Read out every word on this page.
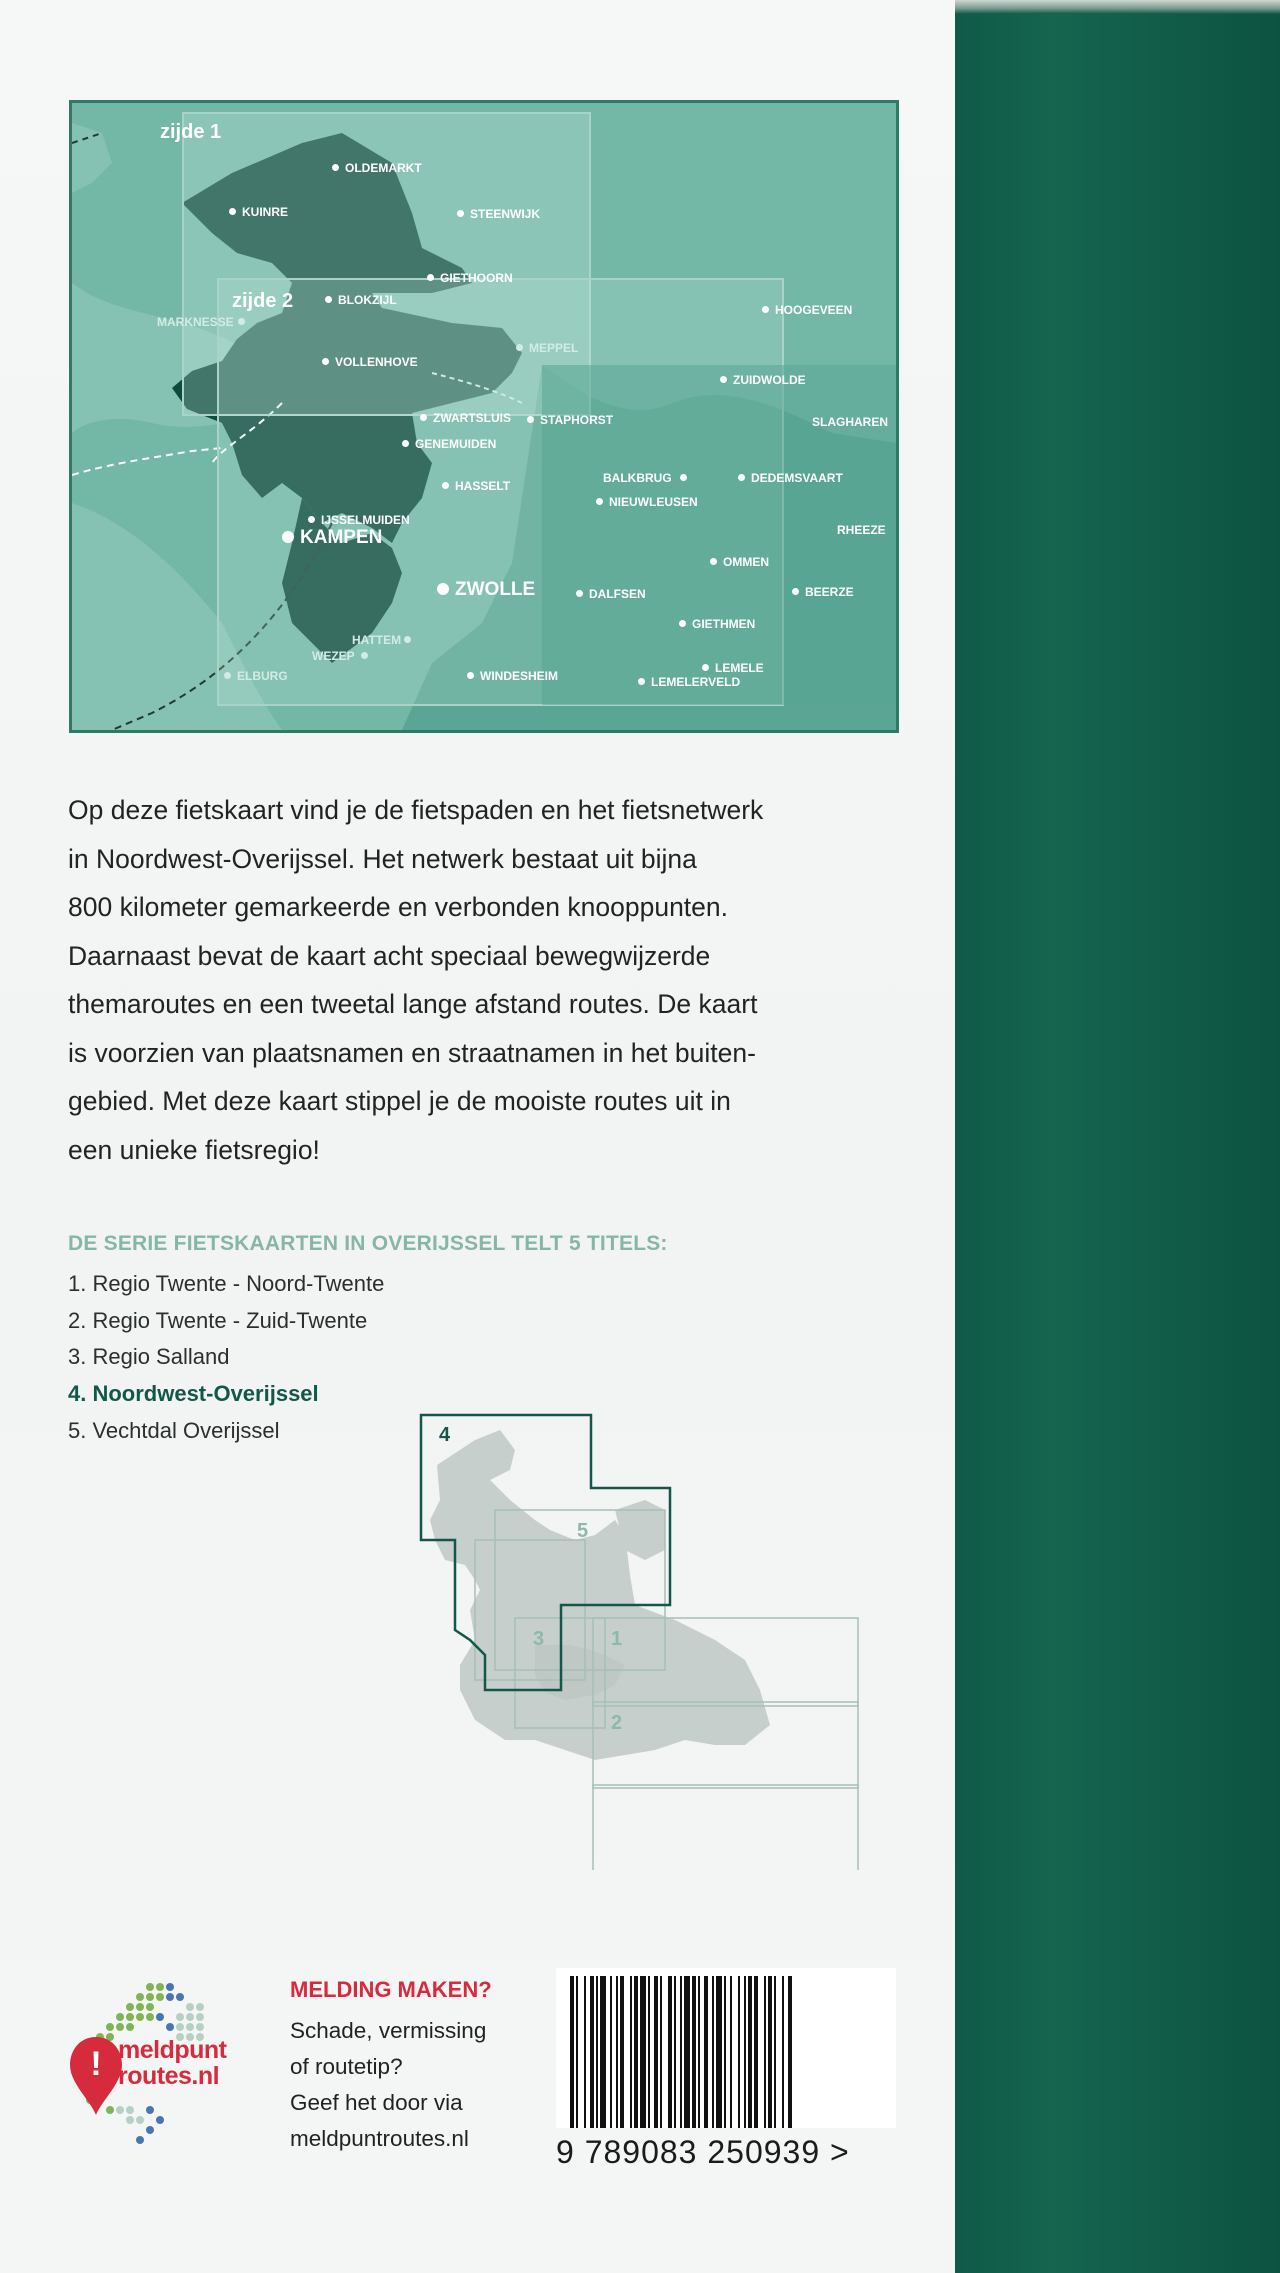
zijde 1
zijde 2
OLDEMARKT
KUINRE	STEENWIJK
GIETHOORN
BLOKZIJL
MARKNESSE
HOOGEVEEN
MEPPEL
VOLLENHOVE
ZUIDWOLDE
ZWARTSLUIS	STAPHORST	SLAGHAREN
GENEMUIDEN
HASSELT
BALKBRUG	DEDEMSVAART
NIEUWLEUSEN
IJSSELMUIDEN
KAMPEN	RHEEZE
OMMEN
ZWOLLE	DALFSEN	BEERZE
GIETHMEN
HATTEM
WEZEP
LEMELE
ELBURG	WINDESHEIM	LEMELERVELD
Op deze fietskaart vind je de fietspaden en het fietsnetwerk
in Noordwest-Overijssel. Het netwerk bestaat uit bijna
800 kilometer gemarkeerde en verbonden knooppunten.
Daarnaast bevat de kaart acht speciaal bewegwijzerde
themaroutes en een tweetal lange afstand routes. De kaart
is voorzien van plaatsnamen en straatnamen in het buiten-
gebied. Met deze kaart stippel je de mooiste routes uit in
een unieke fietsregio!
DE SERIE FIETSKAARTEN IN OVERIJSSEL TELT 5 TITELS:
1. Regio Twente - Noord-Twente
2. Regio Twente - Zuid-Twente
3. Regio Salland
4. Noordwest-Overijssel
5. Vechtdal Overijssel	4
5
3	1
2
! meldpunt
routes.nl
MELDING MAKEN?
Schade, vermissing
of routetip?
Geef het door via
meldpuntroutes.nl	9 789083 250939 >
